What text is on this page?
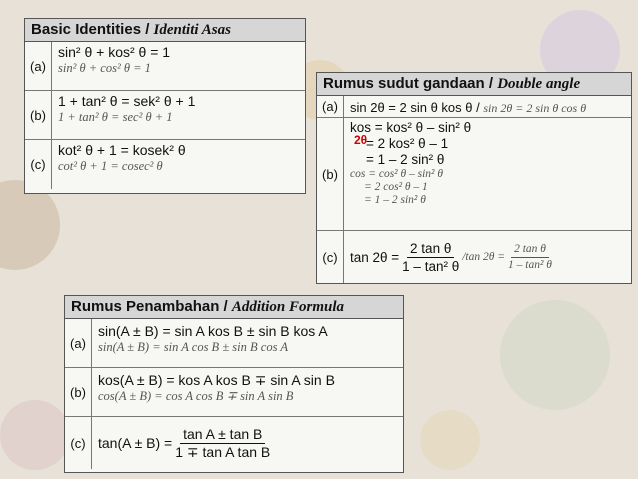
Basic Identities / Identiti Asas
(a)
sin² θ + kos² θ = 1
sin² θ + cos² θ = 1
(b)
1 + tan² θ = sek² θ + 1
1 + tan² θ = sec² θ + 1
(c)
kot² θ + 1 = kosek² θ
cot² θ + 1 = cosec² θ
Rumus sudut gandaan / Double angle
(a) sin 2θ = 2 sin θ kos θ / sin 2θ = 2 sin θ cos θ
(b)
kos = kos² θ – sin² θ
2θ
= 2 kos² θ – 1
= 1 – 2 sin² θ
cos = cos² θ – sin² θ
= 2 cos² θ – 1
= 1 – 2 sin² θ
(c) $\tan 2\theta = \frac{\text{2 tan θ}}{\text{1 – tan² θ}} / \tan 2\theta = \frac{\text{2 tan θ}}{\text{1 – tan² θ}}$
Rumus Penambahan / Addition Formula
(a)
sin(A ± B) = sin A kos B ± sin B kos A
sin(A ± B) = sin A cos B ± sin B cos A
(b)
kos(A ± B) = kos A kos B ∓ sin A sin B
cos(A ± B) = cos A cos B ∓ sin A sin B
(c) $\tan(A \pm B) = \frac{\text{tan A ± tan B}}{\text{1 ∓ tan A tan B}}$
